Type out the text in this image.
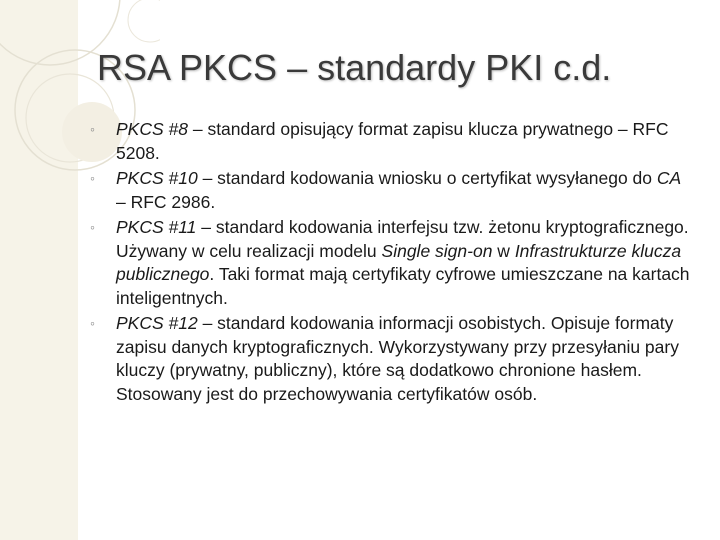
RSA PKCS – standardy PKI c.d.
◦ PKCS #8 – standard opisujący format zapisu klucza prywatnego – RFC 5208.
◦ PKCS #10 – standard kodowania wniosku o certyfikat wysyłanego do CA – RFC 2986.
◦ PKCS #11 – standard kodowania interfejsu tzw. żetonu kryptograficznego. Używany w celu realizacji modelu Single sign-on w Infrastrukturze klucza publicznego. Taki format mają certyfikaty cyfrowe umieszczane na kartach inteligentnych.
◦ PKCS #12 – standard kodowania informacji osobistych. Opisuje formaty zapisu danych kryptograficznych. Wykorzystywany przy przesyłaniu pary kluczy (prywatny, publiczny), które są dodatkowo chronione hasłem. Stosowany jest do przechowywania certyfikatów osób.
